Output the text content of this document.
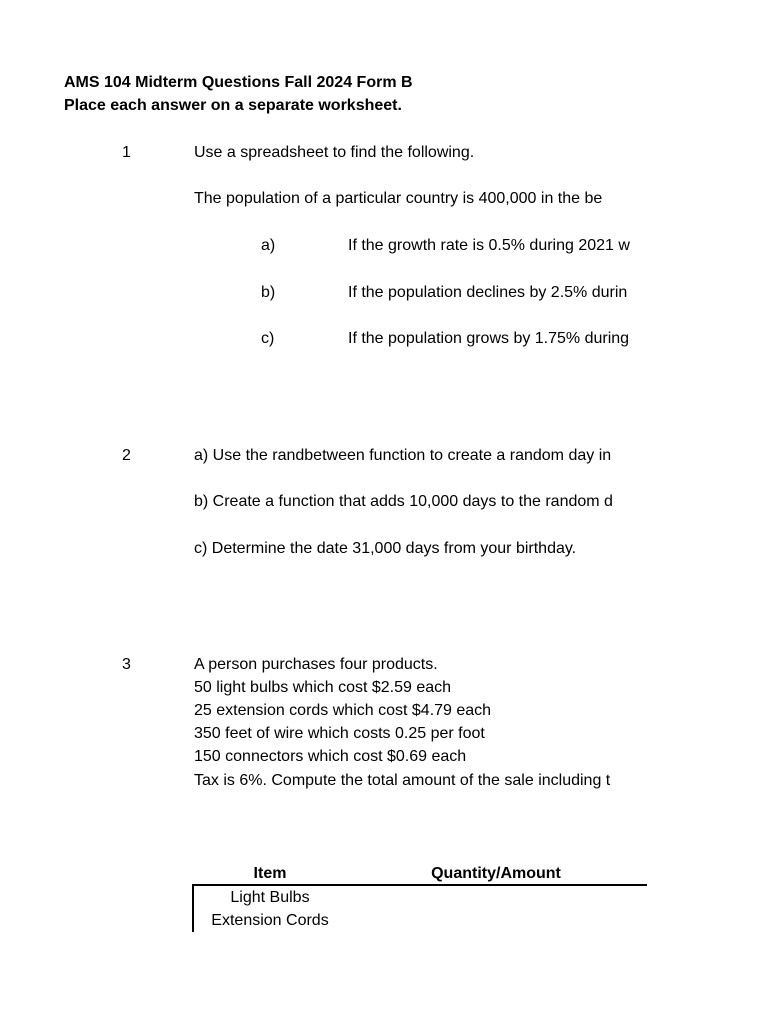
AMS 104 Midterm Questions Fall 2024 Form B
Place each answer on a separate worksheet.
1	Use a spreadsheet to find the following.
The population of a particular country is 400,000 in the be
a)	If the growth rate is 0.5% during 2021 w
b)	If the population declines by 2.5% durin
c)	If the population grows by 1.75% during
2	a) Use the randbetween function to create a random day in
b) Create a function that adds 10,000 days to the random d
c) Determine the date 31,000 days from your birthday.
3	A person purchases four products.
50 light bulbs which cost $2.59 each
25 extension cords which cost $4.79 each
350 feet of wire which costs 0.25 per foot
150 connectors which cost $0.69 each
Tax is 6%. Compute the total amount of the sale including t
Item	Quantity/Amount
Light Bulbs
Extension Cords
